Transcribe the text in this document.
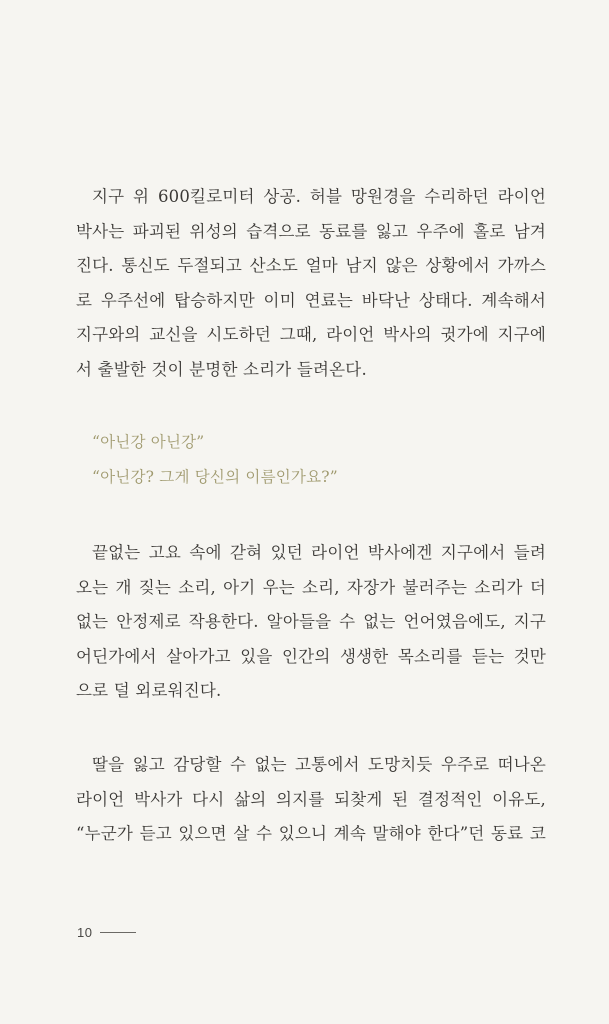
지구 위 600킬로미터 상공. 허블 망원경을 수리하던 라이언
박사는 파괴된 위성의 습격으로 동료를 잃고 우주에 홀로 남겨
진다. 통신도 두절되고 산소도 얼마 남지 않은 상황에서 가까스
로 우주선에 탑승하지만 이미 연료는 바닥난 상태다. 계속해서
지구와의 교신을 시도하던 그때, 라이언 박사의 귓가에 지구에
서 출발한 것이 분명한 소리가 들려온다.
“아닌강 아닌강”
“아닌강? 그게 당신의 이름인가요?”
끝없는 고요 속에 갇혀 있던 라이언 박사에겐 지구에서 들려
오는 개 짖는 소리, 아기 우는 소리, 자장가 불러주는 소리가 더
없는 안정제로 작용한다. 알아들을 수 없는 언어였음에도, 지구
어딘가에서 살아가고 있을 인간의 생생한 목소리를 듣는 것만
으로 덜 외로워진다.
딸을 잃고 감당할 수 없는 고통에서 도망치듯 우주로 떠나온
라이언 박사가 다시 삶의 의지를 되찾게 된 결정적인 이유도,
“누군가 듣고 있으면 살 수 있으니 계속 말해야 한다”던 동료 코
10
